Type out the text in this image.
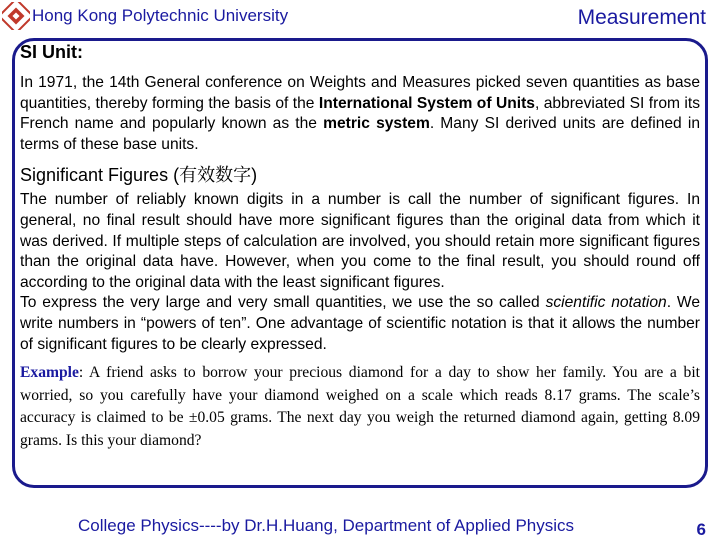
Hong Kong Polytechnic University	Measurement
SI Unit:

In 1971, the 14th General conference on Weights and Measures picked seven quantities as base quantities, thereby forming the basis of the International System of Units, abbreviated SI from its French name and popularly known as the metric system. Many SI derived units are defined in terms of these base units.

Significant Figures (有效数字)

The number of reliably known digits in a number is call the number of significant figures. In general, no final result should have more significant figures than the original data from which it was derived. If multiple steps of calculation are involved, you should retain more significant figures than the original data have. However, when you come to the final result, you should round off according to the original data with the least significant figures.

To express the very large and very small quantities, we use the so called scientific notation. We write numbers in “powers of ten”. One advantage of scientific notation is that it allows the number of significant figures to be clearly expressed.

Example: A friend asks to borrow your precious diamond for a day to show her family. You are a bit worried, so you carefully have your diamond weighed on a scale which reads 8.17 grams. The scale’s accuracy is claimed to be ±0.05 grams. The next day you weigh the returned diamond again, getting 8.09 grams. Is this your diamond?

College Physics----by Dr.H.Huang, Department of Applied Physics	6
